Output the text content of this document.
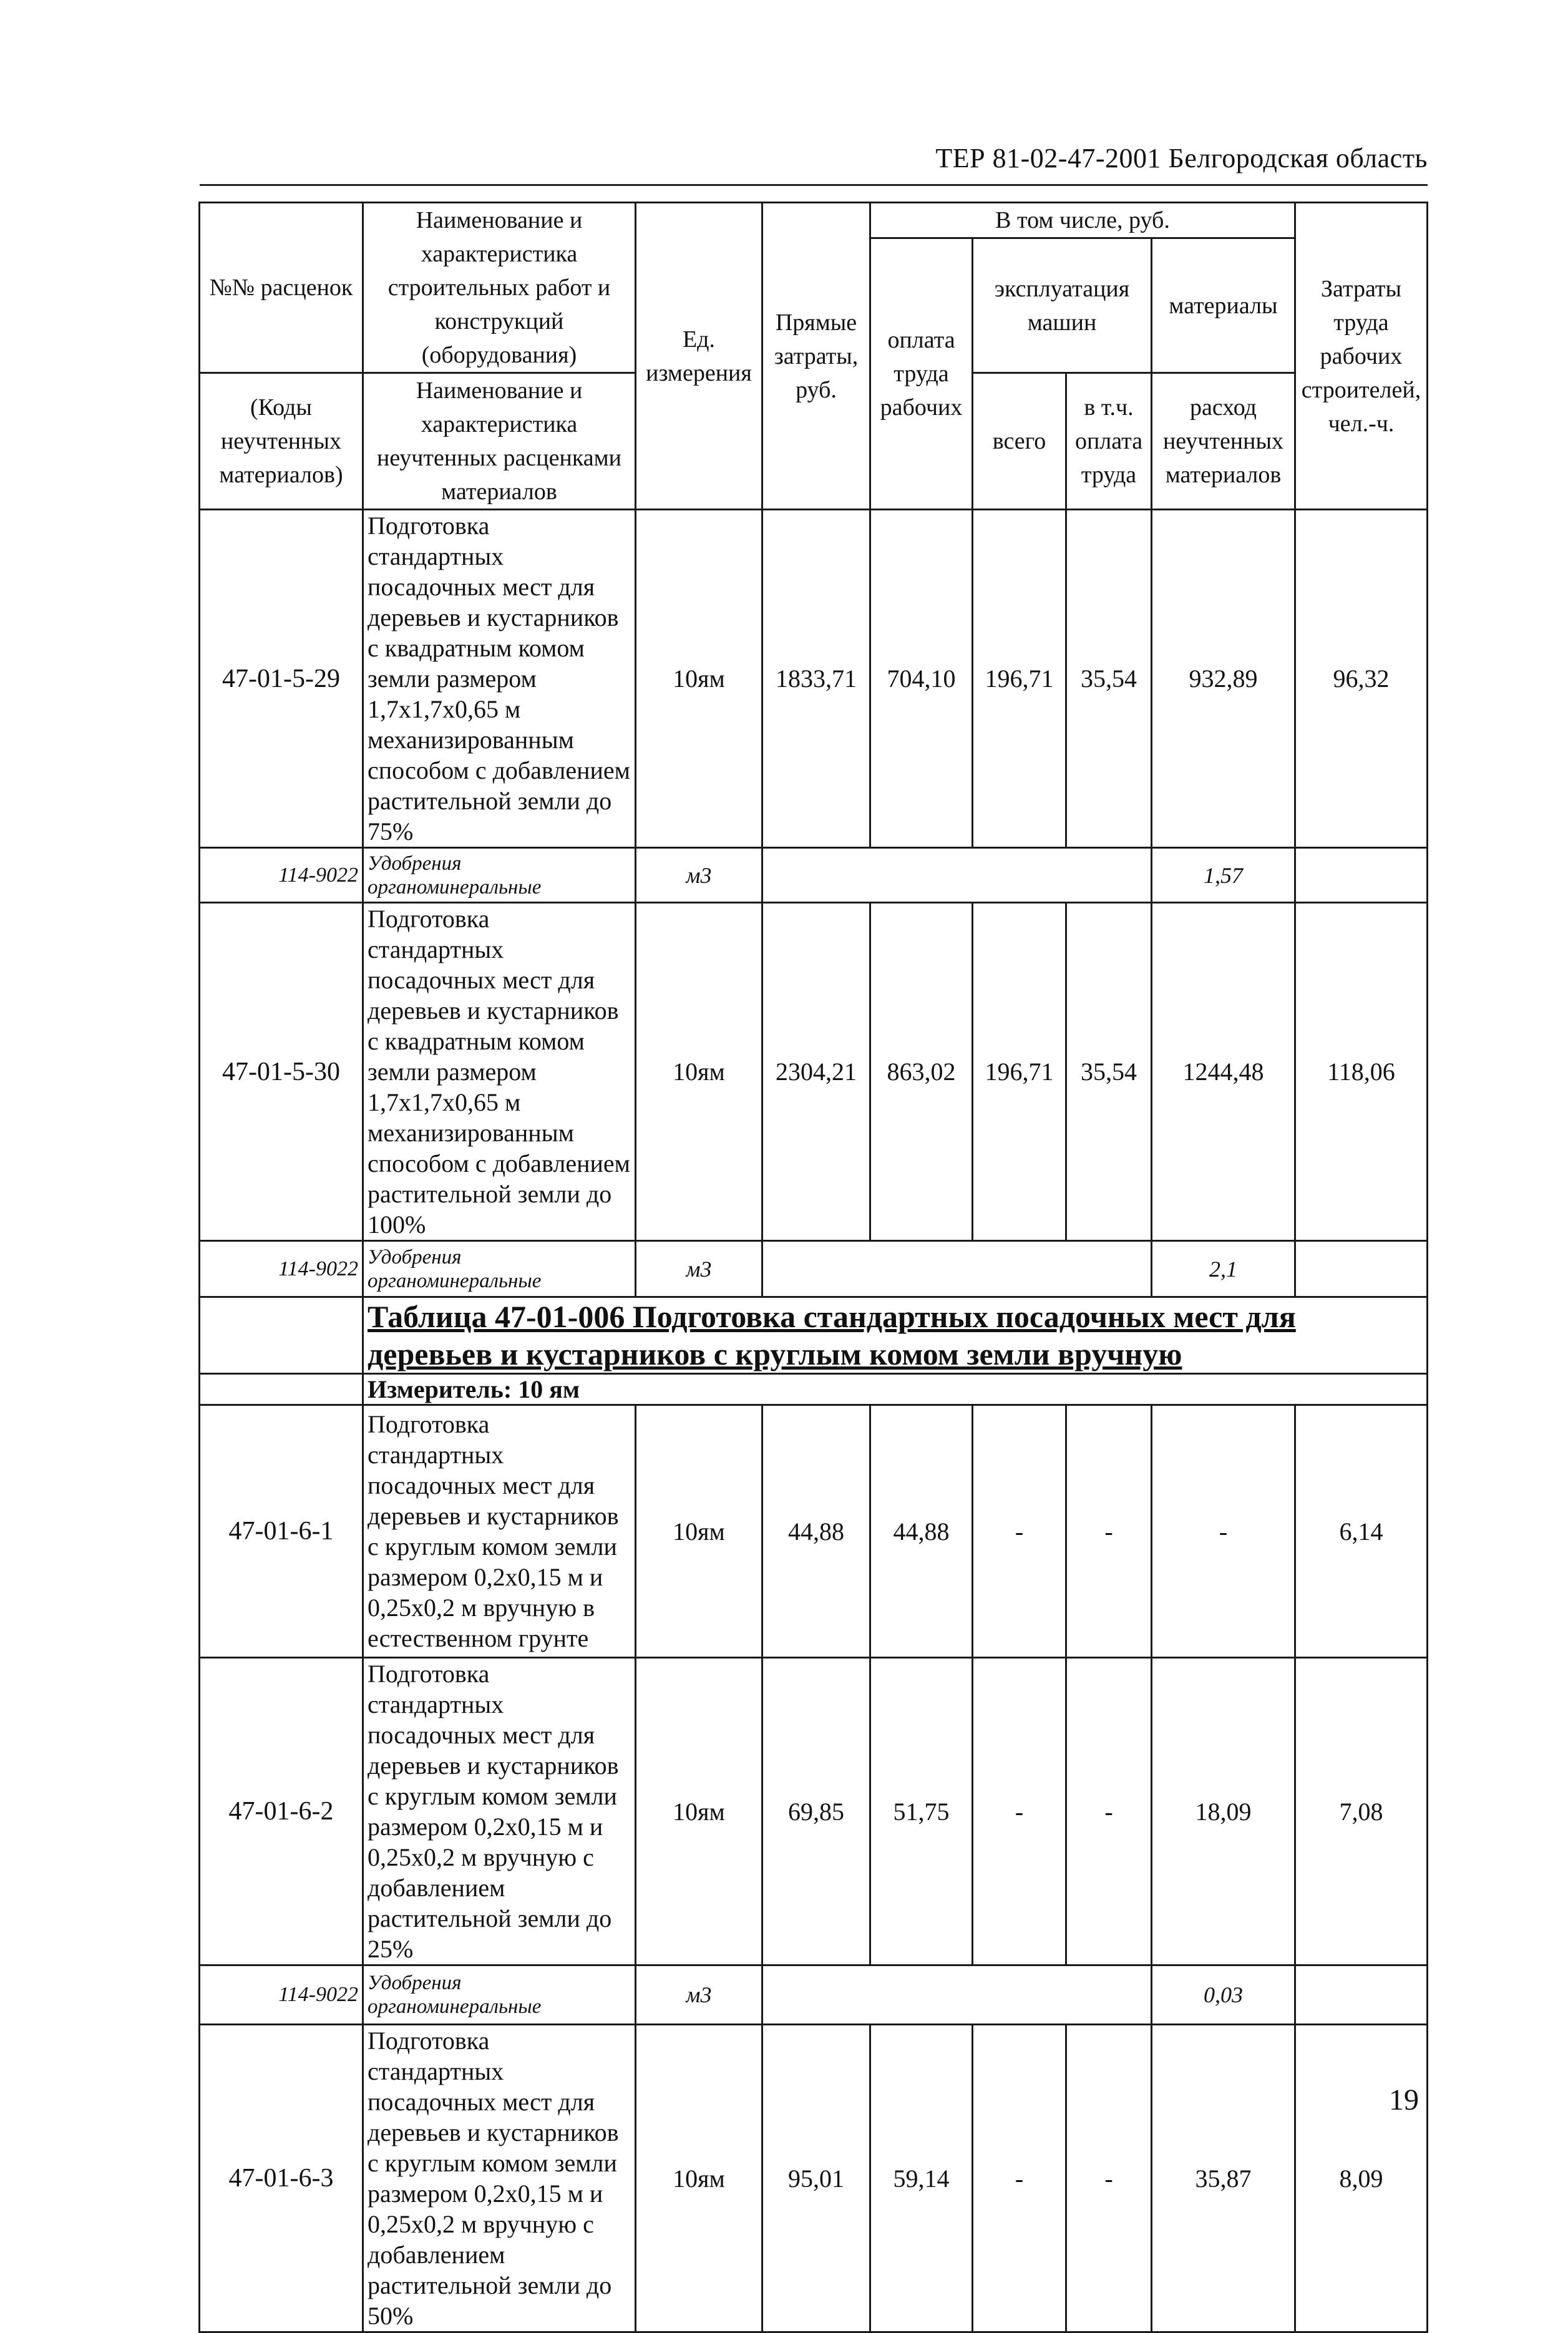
ТЕР 81-02-47-2001 Белгородская область
№№ расценок	Наименование и характеристика строительных работ и конструкций (оборудования)	Ед. измерения	Прямые затраты, руб.	В том числе, руб.				Затраты труда рабочих строителей, чел.-ч.
				оплата труда рабочих	эксплуатация машин		материалы	
(Коды неучтенных материалов)	Наименование и характеристика неучтенных расценками материалов				всего	в т.ч. оплата труда	расход неучтенных материалов	

47-01-5-29	Подготовка стандартных посадочных мест для деревьев и кустарников с квадратным комом земли размером 1,7х1,7х0,65 м механизированным способом с добавлением растительной земли до 75%	10ям	1833,71	704,10	196,71	35,54	932,89	96,32
114-9022	Удобрения органоминеральные	м3					1,57	
47-01-5-30	Подготовка стандартных посадочных мест для деревьев и кустарников с квадратным комом земли размером 1,7х1,7х0,65 м механизированным способом с добавлением растительной земли до 100%	10ям	2304,21	863,02	196,71	35,54	1244,48	118,06
114-9022	Удобрения органоминеральные	м3					2,1	
	Таблица 47-01-006 Подготовка стандартных посадочных мест для деревьев и кустарников с круглым комом земли вручную							
	Измеритель: 10 ям							
47-01-6-1	Подготовка стандартных посадочных мест для деревьев и кустарников с круглым комом земли размером 0,2х0,15 м и 0,25х0,2 м вручную в естественном грунте	10ям	44,88	44,88	-	-	-	6,14
47-01-6-2	Подготовка стандартных посадочных мест для деревьев и кустарников с круглым комом земли размером 0,2х0,15 м и 0,25х0,2 м вручную с добавлением растительной земли до 25%	10ям	69,85	51,75	-	-	18,09	7,08
114-9022	Удобрения органоминеральные	м3					0,03	
47-01-6-3	Подготовка стандартных посадочных мест для деревьев и кустарников с круглым комом земли размером 0,2х0,15 м и 0,25х0,2 м вручную с добавлением растительной земли до 50%	10ям	95,01	59,14	-	-	35,87	8,09
19
